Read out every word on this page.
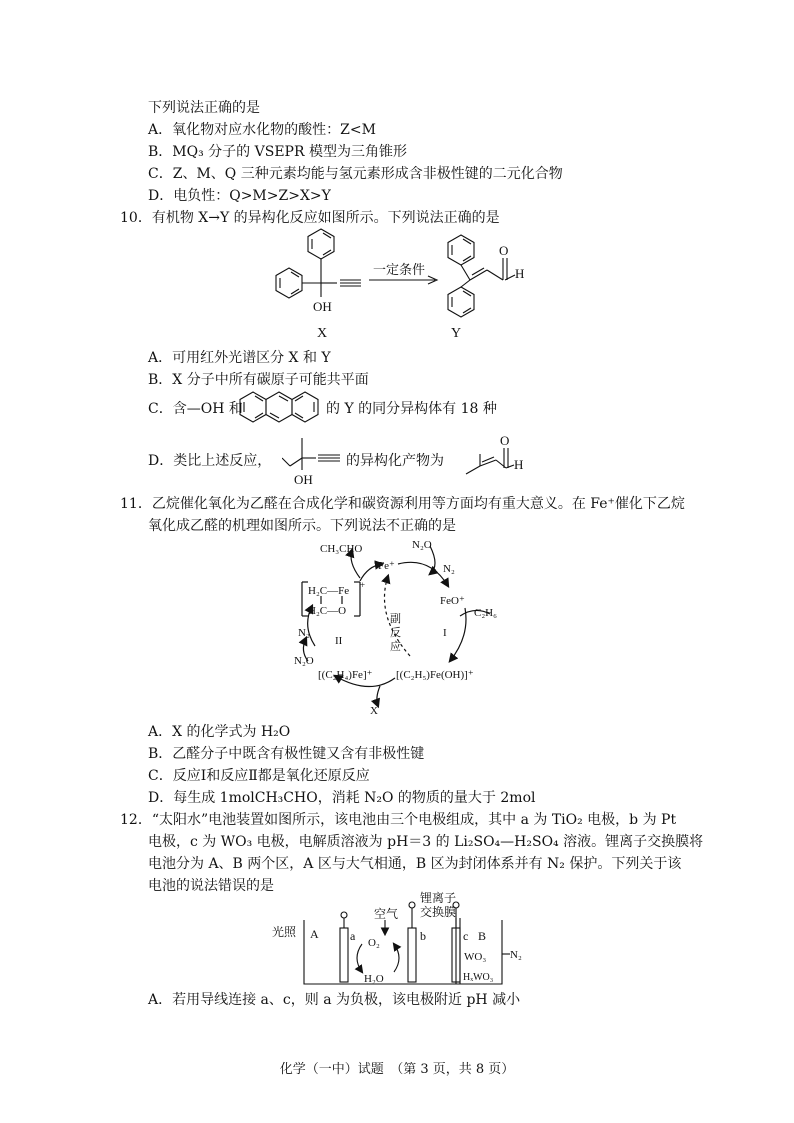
下列说法正确的是
A．氧化物对应水化物的酸性：Z<M
B．MQ₃ 分子的 VSEPR 模型为三角锥形
C．Z、M、Q 三种元素均能与氢元素形成含非极性键的二元化合物
D．电负性：Q>M>Z>X>Y
10．有机物 X→Y 的异构化反应如图所示。下列说法正确的是
一定条件
OH
X	Y
O
H
A．可用红外光谱区分 X 和 Y
B．X 分子中所有碳原子可能共平面
C．含—OH 和	的 Y 的同分异构体有 18 种
D．类比上述反应，
OH
的异构化产物为
O
H
11．乙烷催化氧化为乙醛在合成化学和碳资源利用等方面均有重大意义。在 Fe⁺催化下乙烷
氧化成乙醛的机理如图所示。下列说法不正确的是
CH₃CHO
Fe⁺
N₂O
N₂
FeO⁺
C₂H₆
I
副
反
应
H₂C—Fe +
H₂C—O
N₂
II
N₂O
[(C₂H₄)Fe]⁺ [(C₂H₅)Fe(OH)]⁺
X
A．X 的化学式为 H₂O
B．乙醛分子中既含有极性键又含有非极性键
C．反应Ⅰ和反应Ⅱ都是氧化还原反应
D．每生成 1molCH₃CHO，消耗 N₂O 的物质的量大于 2mol
12．“太阳水”电池装置如图所示，该电池由三个电极组成，其中 a 为 TiO₂ 电极，b 为 Pt
电极，c 为 WO₃ 电极，电解质溶液为 pH＝3 的 Li₂SO₄—H₂SO₄ 溶液。锂离子交换膜将
电池分为 A、B 两个区，A 区与大气相通，B 区为封闭体系并有 N₂ 保护。下列关于该
电池的说法错误的是
锂离子
交换膜
光照
空气
A	a O₂	b
H₂O
c B
WO₃
HₓWO₃
N₂
A．若用导线连接 a、c，则 a 为负极，该电极附近 pH 减小
化学（一中）试题　（第 3 页，共 8 页）
